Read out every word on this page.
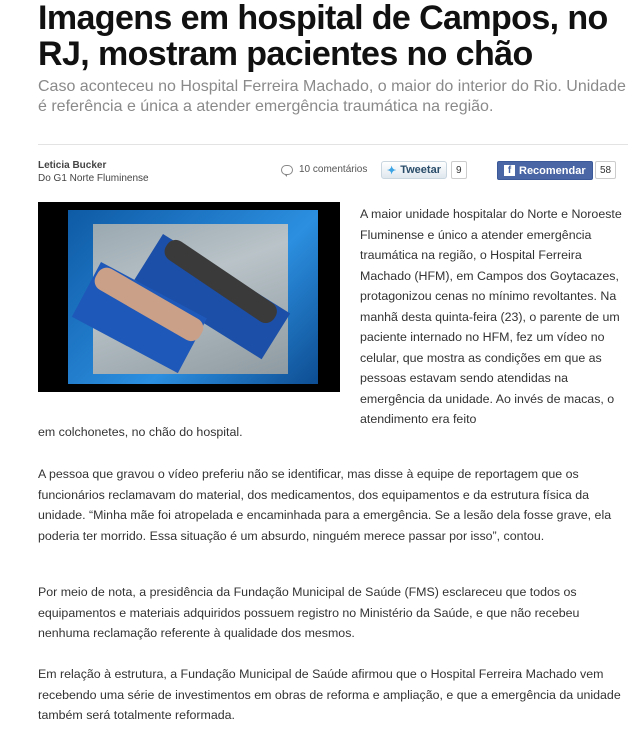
Imagens em hospital de Campos, no RJ, mostram pacientes no chão

Caso aconteceu no Hospital Ferreira Machado, o maior do interior do Rio. Unidade é referência e única a atender emergência traumática na região.

Leticia Bucker
Do G1 Norte Fluminense
10 comentários ✦ Tweetar	9	f Recomendar	58

A maior unidade hospitalar do Norte e Noroeste Fluminense e único a atender emergência traumática na região, o Hospital Ferreira Machado (HFM), em Campos dos Goytacazes, protagonizou cenas no mínimo revoltantes. Na manhã desta quinta-feira (23), o parente de um paciente internado no HFM, fez um vídeo no celular, que mostra as condições em que as pessoas estavam sendo atendidas na emergência da unidade. Ao invés de macas, o atendimento era feito

em colchonetes, no chão do hospital.

A pessoa que gravou o vídeo preferiu não se identificar, mas disse à equipe de reportagem que os funcionários reclamavam do material, dos medicamentos, dos equipamentos e da estrutura física da unidade. “Minha mãe foi atropelada e encaminhada para a emergência. Se a lesão dela fosse grave, ela poderia ter morrido. Essa situação é um absurdo, ninguém merece passar por isso”, contou.

Por meio de nota, a presidência da Fundação Municipal de Saúde (FMS) esclareceu que todos os equipamentos e materiais adquiridos possuem registro no Ministério da Saúde, e que não recebeu nenhuma reclamação referente à qualidade dos mesmos.

Em relação à estrutura, a Fundação Municipal de Saúde afirmou que o Hospital Ferreira Machado vem recebendo uma série de investimentos em obras de reforma e ampliação, e que a emergência da unidade também será totalmente reformada.
